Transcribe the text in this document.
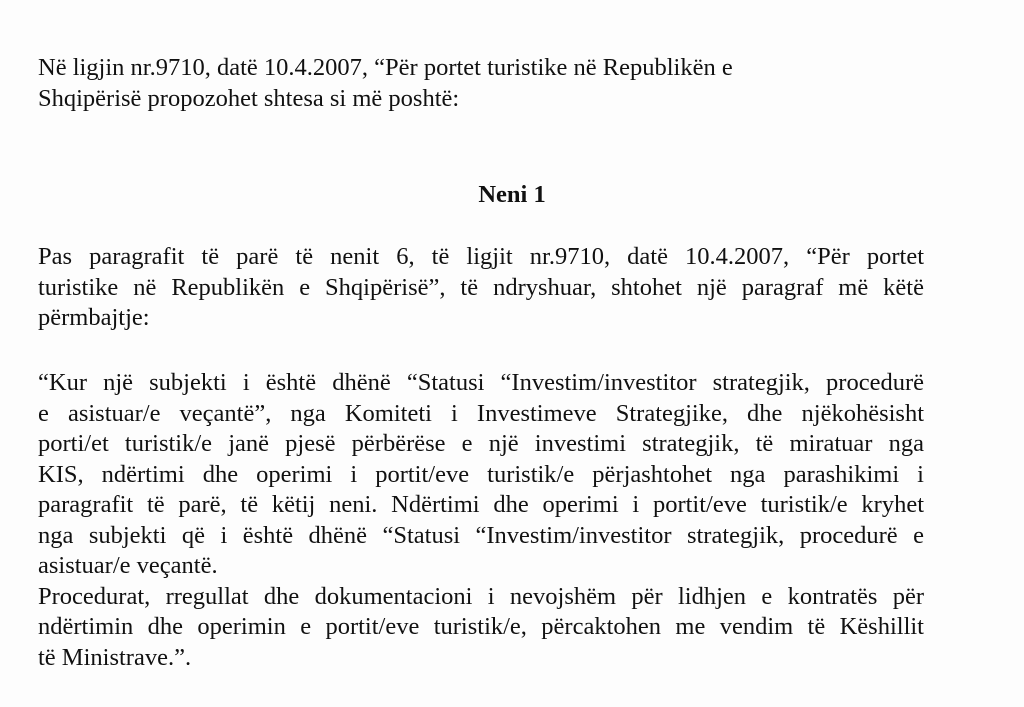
Në ligjin nr.9710, datë 10.4.2007, “Për portet turistike në Republikën e
Shqipërisë propozohet shtesa si më poshtë:
Neni 1
Pas paragrafit të parë të nenit 6, të ligjit nr.9710, datë 10.4.2007, “Për portet
turistike në Republikën e Shqipërisë”, të ndryshuar, shtohet një paragraf më këtë
përmbajtje:
“Kur një subjekti i është dhënë “Statusi “Investim/investitor strategjik, procedurë
e asistuar/e veçantë”, nga Komiteti i Investimeve Strategjike, dhe njëkohësisht
porti/et turistik/e janë pjesë përbërëse e një investimi strategjik, të miratuar nga
KIS, ndërtimi dhe operimi i portit/eve turistik/e përjashtohet nga parashikimi i
paragrafit të parë, të këtij neni. Ndërtimi dhe operimi i portit/eve turistik/e kryhet
nga subjekti që i është dhënë “Statusi “Investim/investitor strategjik, procedurë e
asistuar/e veçantë.
Procedurat, rregullat dhe dokumentacioni i nevojshëm për lidhjen e kontratës për
ndërtimin dhe operimin e portit/eve turistik/e, përcaktohen me vendim të Këshillit
të Ministrave.”.
